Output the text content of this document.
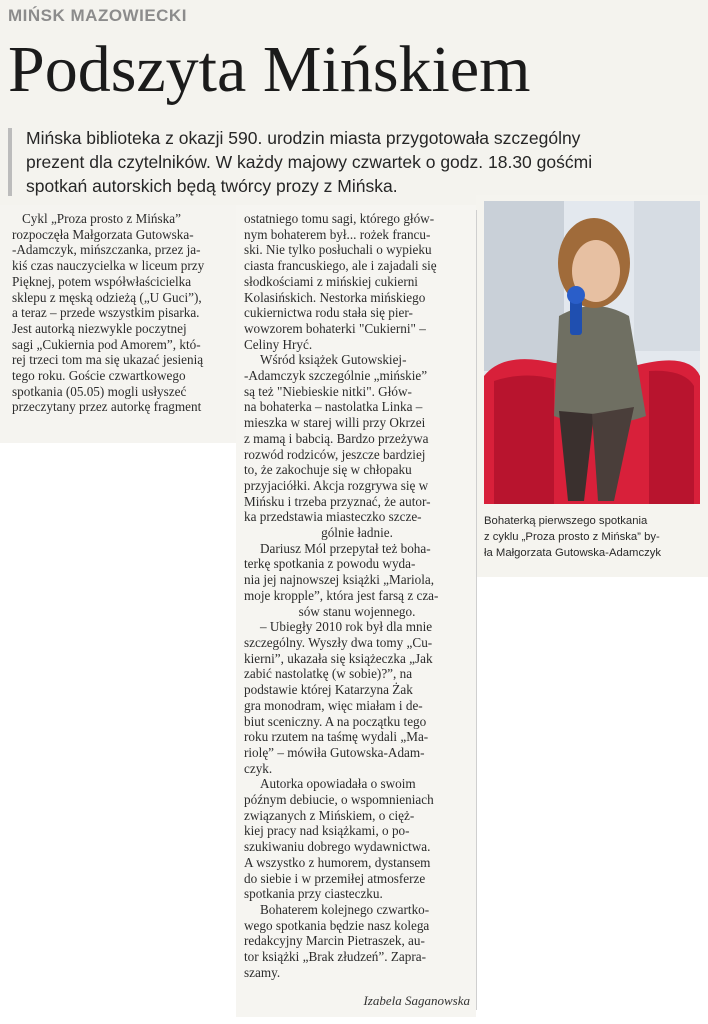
MIŃSK MAZOWIECKI
Podszyta Mińskiem

Mińska biblioteka z okazji 590. urodzin miasta przygotowała szczególny

prezent dla czytelników. W każdy majowy czwartek o godz. 18.30 gośćmi

spotkań autorskich będą twórcy prozy z Mińska.

Cykl „Proza prosto z Mińska”

rozpoczęła Małgorzata Gutowska-

-Adamczyk, mińszczanka, przez ja-

kiś czas nauczycielka w liceum przy

Pięknej, potem współwłaścicielka

sklepu z męską odzieżą („U Guci”),

a teraz – przede wszystkim pisarka.

Jest autorką niezwykle poczytnej

sagi „Cukiernia pod Amorem”, któ-

rej trzeci tom ma się ukazać jesienią

tego roku. Goście czwartkowego

spotkania (05.05) mogli usłyszeć

przeczytany przez autorkę fragment

ostatniego tomu sagi, którego głów-

nym bohaterem był... rożek francu-

ski. Nie tylko posłuchali o wypieku

ciasta francuskiego, ale i zajadali się

słodkościami z mińskiej cukierni

Kolasińskich. Nestorka mińskiego

cukiernictwa rodu stała się pier-

wowzorem bohaterki "Cukierni" –

Celiny Hryć.

Wśród książek Gutowskiej-

-Adamczyk szczególnie „mińskie”

są też "Niebieskie nitki". Głów-

na bohaterka – nastolatka Linka –

mieszka w starej willi przy Okrzei

z mamą i babcią. Bardzo przeżywa

rozwód rodziców, jeszcze bardziej

to, że zakochuje się w chłopaku

przyjaciółki. Akcja rozgrywa się w

Mińsku i trzeba przyznać, że autor-

ka przedstawia miasteczko szcze-

gólnie ładnie.

Dariusz Mól przepytał też boha-

terkę spotkania z powodu wyda-

nia jej najnowszej książki „Mariola,

moje kropple”, która jest farsą z cza-

sów stanu wojennego.

– Ubiegły 2010 rok był dla mnie

szczególny. Wyszły dwa tomy „Cu-

kierni”, ukazała się książeczka „Jak

zabić nastolatkę (w sobie)?”, na

podstawie której Katarzyna Żak

gra monodram, więc miałam i de-

biut sceniczny. A na początku tego

roku rzutem na taśmę wydali „Ma-

riolę” – mówiła Gutowska-Adam-

czyk.

Autorka opowiadała o swoim

późnym debiucie, o wspomnieniach

związanych z Mińskiem, o cięż-

kiej pracy nad książkami, o po-

szukiwaniu dobrego wydawnictwa.

A wszystko z humorem, dystansem

do siebie i w przemiłej atmosferze

spotkania przy ciasteczku.

Bohaterem kolejnego czwartko-

wego spotkania będzie nasz kolega

redakcyjny Marcin Pietraszek, au-

tor książki „Brak złudzeń”. Zapra-

szamy.

Izabela Saganowska

Bohaterką pierwszego spotkania

z cyklu „Proza prosto z Mińska” by-

ła Małgorzata Gutowska-Adamczyk
